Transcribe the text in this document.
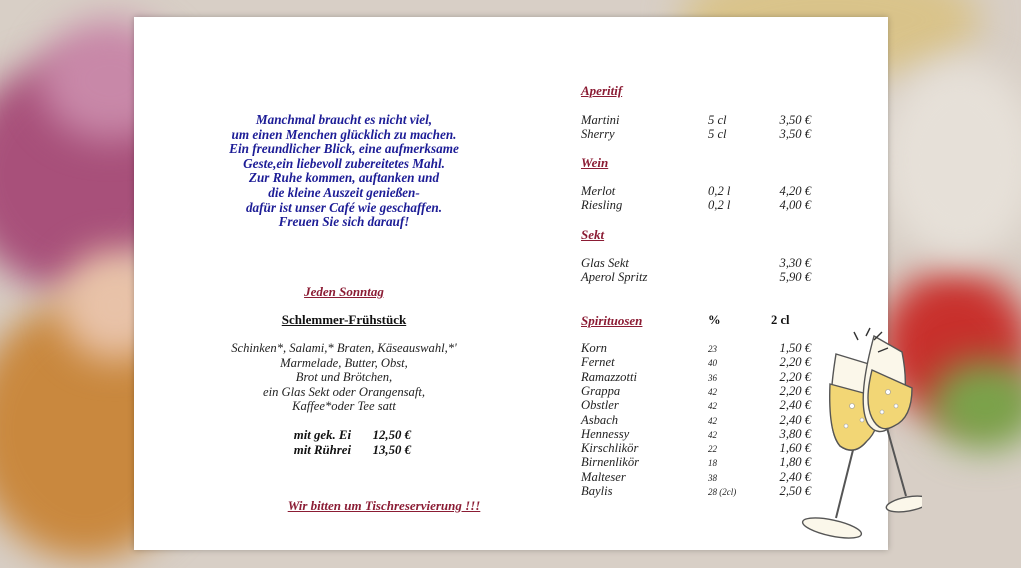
Manchmal braucht es nicht viel,
um einen Menchen glücklich zu machen.
Ein freundlicher Blick, eine aufmerksame
Geste,ein liebevoll zubereitetes Mahl.
Zur Ruhe kommen, auftanken und
die kleine Auszeit genießen-
dafür ist unser Café wie geschaffen.
Freuen Sie sich darauf!
Jeden Sonntag
Schlemmer-Frühstück
Schinken*, Salami,* Braten, Käseauswahl,*'
Marmelade, Butter, Obst,
Brot und Brötchen,
ein Glas Sekt oder Orangensaft,
Kaffee*oder Tee satt
mit gek. Ei	12,50 €
mit Rührei	13,50 €
Wir bitten um Tischreservierung !!!
Aperitif
Martini	5 cl	3,50 €
Sherry	5 cl	3,50 €
Wein
Merlot	0,2 l	4,20 €
Riesling	0,2 l	4,00 €
Sekt
Glas Sekt	3,30 €
Aperol Spritz	5,90 €
Spirituosen	%	2 cl
Korn	23	1,50 €
Fernet	40	2,20 €
Ramazzotti	36	2,20 €
Grappa	42	2,20 €
Obstler	42	2,40 €
Asbach	42	2,40 €
Hennessy	42	3,80 €
Kirschlikör	22	1,60 €
Birnenlikör	18	1,80 €
Malteser	38	2,40 €
Baylis	28 (2cl)	2,50 €
